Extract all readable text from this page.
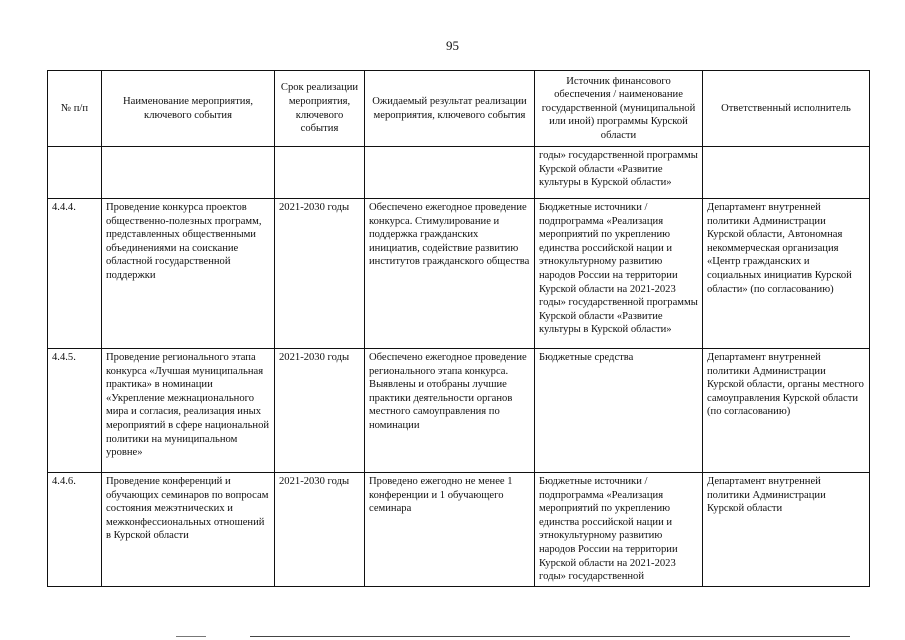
95
№ п/п	Наименование мероприятия, ключевого события	Срок реализации мероприятия, ключевого события	Ожидаемый результат реализации мероприятия, ключевого события	Источник финансового обеспечения / наименование государственной (муниципальной или иной) программы Курской области	Ответственный исполнитель
				годы» государственной программы Курской области «Развитие культуры в Курской области»	
4.4.4.	Проведение конкурса проектов общественно-полезных программ, представленных общественными объединениями на соискание областной государственной поддержки	2021-2030 годы	Обеспечено ежегодное проведение конкурса. Стимулирование и поддержка гражданских инициатив, содействие развитию институтов гражданского общества	Бюджетные источники / подпрограмма «Реализация мероприятий по укреплению единства российской нации и этнокультурному развитию народов России на территории Курской области на 2021-2023 годы» государственной программы Курской области «Развитие культуры в Курской области»	Департамент внутренней политики Администрации Курской области, Автономная некоммерческая организация «Центр гражданских и социальных инициатив Курской области» (по согласованию)
4.4.5.	Проведение регионального этапа конкурса «Лучшая муниципальная практика» в номинации «Укрепление межнационального мира и согласия, реализация иных мероприятий в сфере национальной политики на муниципальном уровне»	2021-2030 годы	Обеспечено ежегодное проведение регионального этапа конкурса. Выявлены и отобраны лучшие практики деятельности органов местного самоуправления по номинации	Бюджетные средства	Департамент внутренней политики Администрации Курской области, органы местного самоуправления Курской области (по согласованию)
4.4.6.	Проведение конференций и обучающих семинаров по вопросам состояния межэтнических и межконфессиональных отношений в Курской области	2021-2030 годы	Проведено ежегодно не менее 1 конференции и 1 обучающего семинара	Бюджетные источники / подпрограмма «Реализация мероприятий по укреплению единства российской нации и этнокультурному развитию народов России на территории Курской области на 2021-2023 годы» государственной	Департамент внутренней политики Администрации Курской области
